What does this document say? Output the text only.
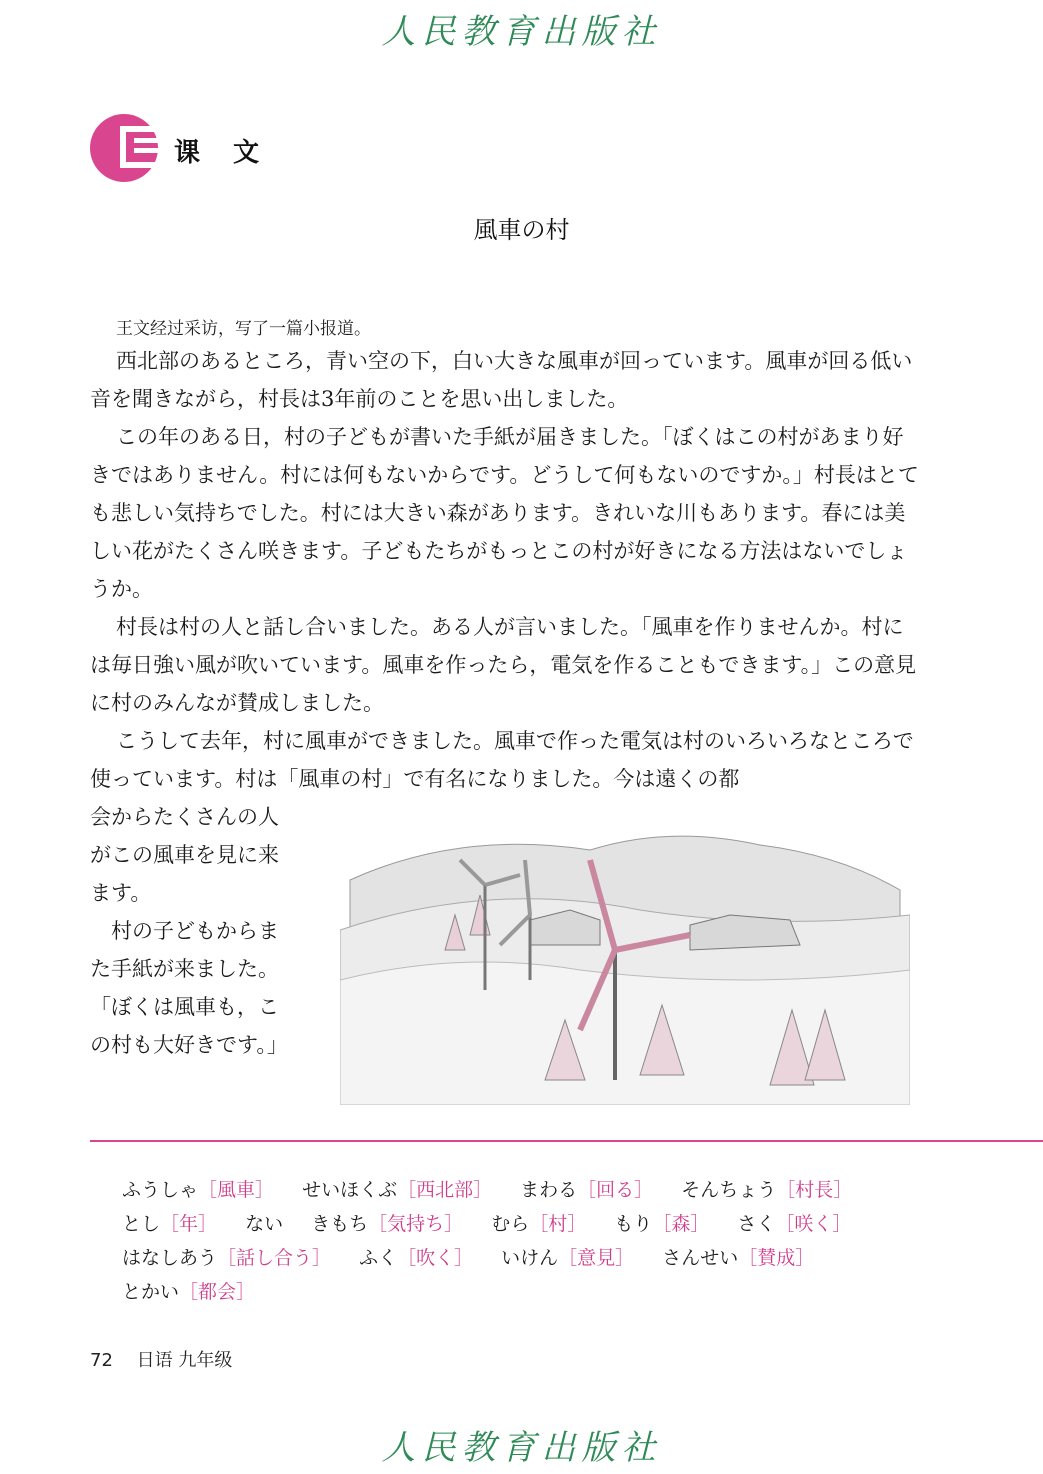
人民教育出版社
课 文
風車の村
王文经过采访，写了一篇小报道。

西北部のあるところ，青い空の下，白い大きな風車が回っています。風車が回る低い音を聞きながら，村長は3年前のことを思い出しました。

この年のある日，村の子どもが書いた手紙が届きました。「ぼくはこの村があまり好きではありません。村には何もないからです。どうして何もないのですか。」村長はとても悲しい気持ちでした。村には大きい森があります。きれいな川もあります。春には美しい花がたくさん咲きます。子どもたちがもっとこの村が好きになる方法はないでしょうか。

村長は村の人と話し合いました。ある人が言いました。「風車を作りませんか。村には毎日強い風が吹いています。風車を作ったら，電気を作ることもできます。」この意見に村のみんなが賛成しました。

こうして去年，村に風車ができました。風車で作った電気は村のいろいろなところで使っています。村は「風車の村」で有名になりました。今は遠くの都

会からたくさんの人

がこの風車を見に来

ます。

　村の子どもからま

た手紙が来ました。

「ぼくは風車も，こ

の村も大好きです。」

ふうしゃ［風車］ せいほくぶ［西北部］ まわる［回る］ そんちょう［村長］
とし［年］ ない きもち［気持ち］ むら［村］ もり［森］ さく［咲く］
はなしあう［話し合う］ ふく［吹く］ いけん［意見］ さんせい［賛成］
とかい［都会］
72 日语 九年级
人民教育出版社
